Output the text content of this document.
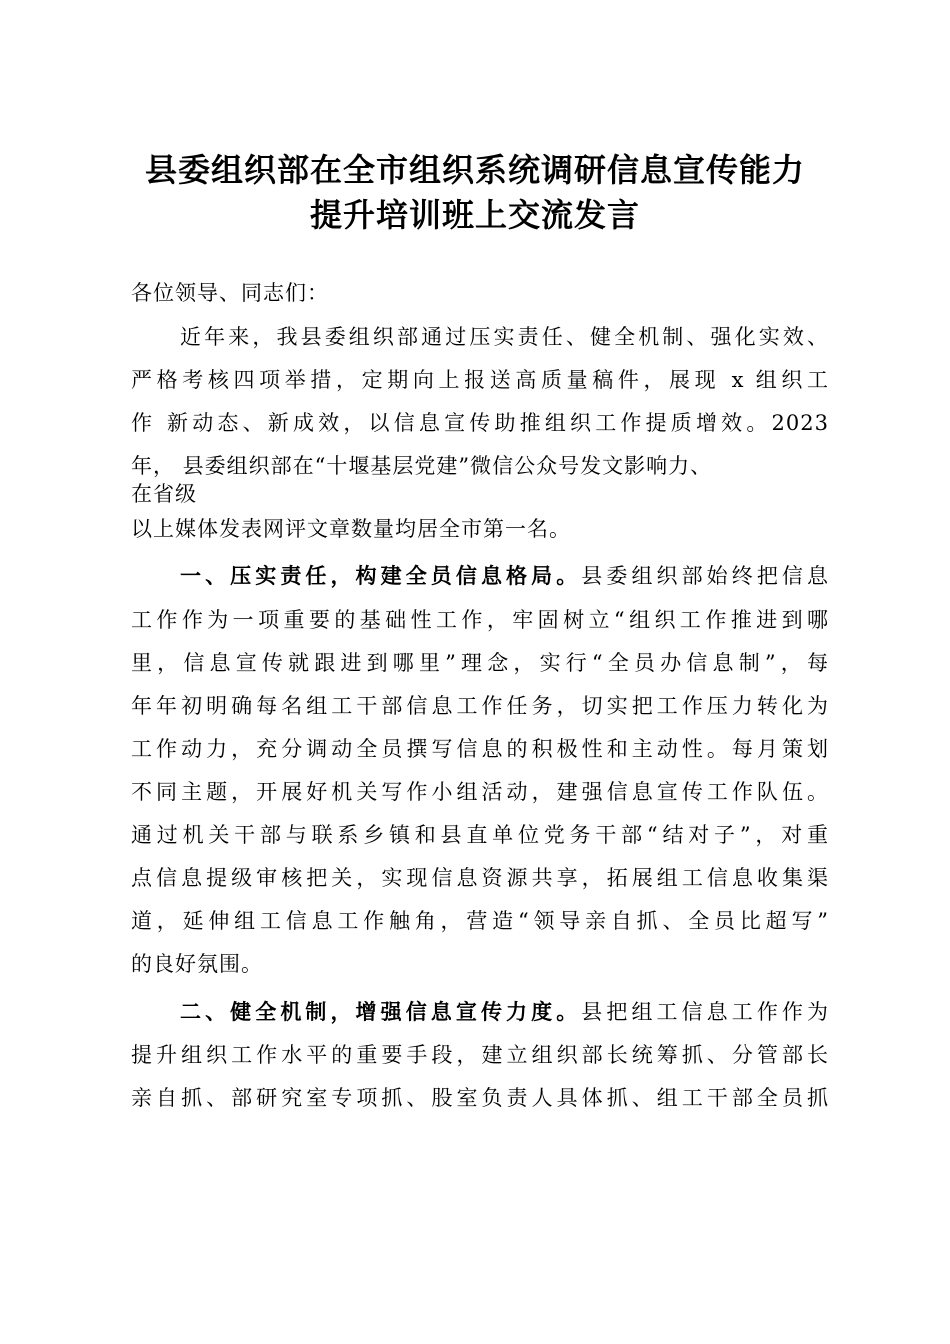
县委组织部在全市组织系统调研信息宣传能力
提升培训班上交流发言
各位领导、同志们：
近年来，我县委组织部通过压实责任、健全机制、强化实效、
严格考核四项举措，定期向上报送高质量稿件，展现 x 组织工
作 新动态、新成效，以信息宣传助推组织工作提质增效。2023
年， 县委组织部在“十堰基层党建”微信公众号发文影响力、
在省级
以上媒体发表网评文章数量均居全市第一名。
一、压实责任，构建全员信息格局。县委组织部始终把信息
工作作为一项重要的基础性工作，牢固树立“组织工作推进到哪
里，信息宣传就跟进到哪里”理念，实行“全员办信息制”，每
年年初明确每名组工干部信息工作任务，切实把工作压力转化为
工作动力，充分调动全员撰写信息的积极性和主动性。每月策划
不同主题，开展好机关写作小组活动，建强信息宣传工作队伍。
通过机关干部与联系乡镇和县直单位党务干部“结对子”，对重
点信息提级审核把关，实现信息资源共享，拓展组工信息收集渠
道，延伸组工信息工作触角，营造“领导亲自抓、全员比超写”
的良好氛围。
二、健全机制，增强信息宣传力度。县把组工信息工作作为
提升组织工作水平的重要手段，建立组织部长统筹抓、分管部长
亲自抓、部研究室专项抓、股室负责人具体抓、组工干部全员抓
